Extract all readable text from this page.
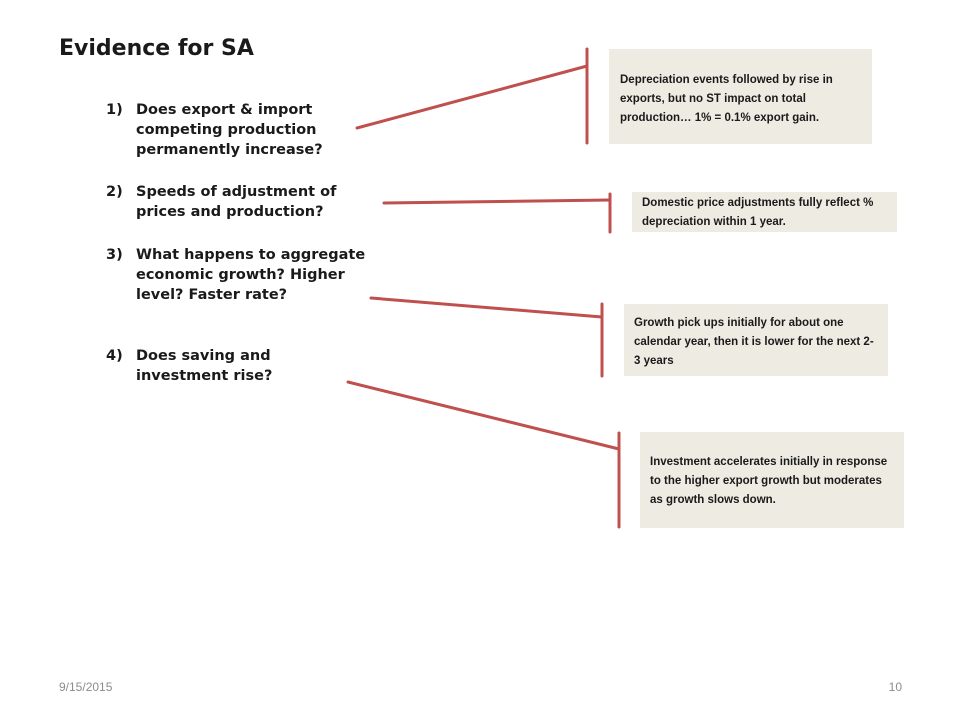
Evidence for SA
1) Does export & import competing production permanently increase?
2) Speeds of adjustment of prices and production?
3) What happens to aggregate economic growth? Higher level? Faster rate?
4) Does saving and investment rise?
Depreciation events followed by rise in exports, but no ST impact on total production… 1% = 0.1% export gain.
Domestic price adjustments fully reflect % depreciation within 1 year.
Growth pick ups initially for about one calendar year, then it is lower for the next 2-3 years
Investment accelerates initially in response to the higher export growth but moderates as growth slows down.
9/15/2015	10
